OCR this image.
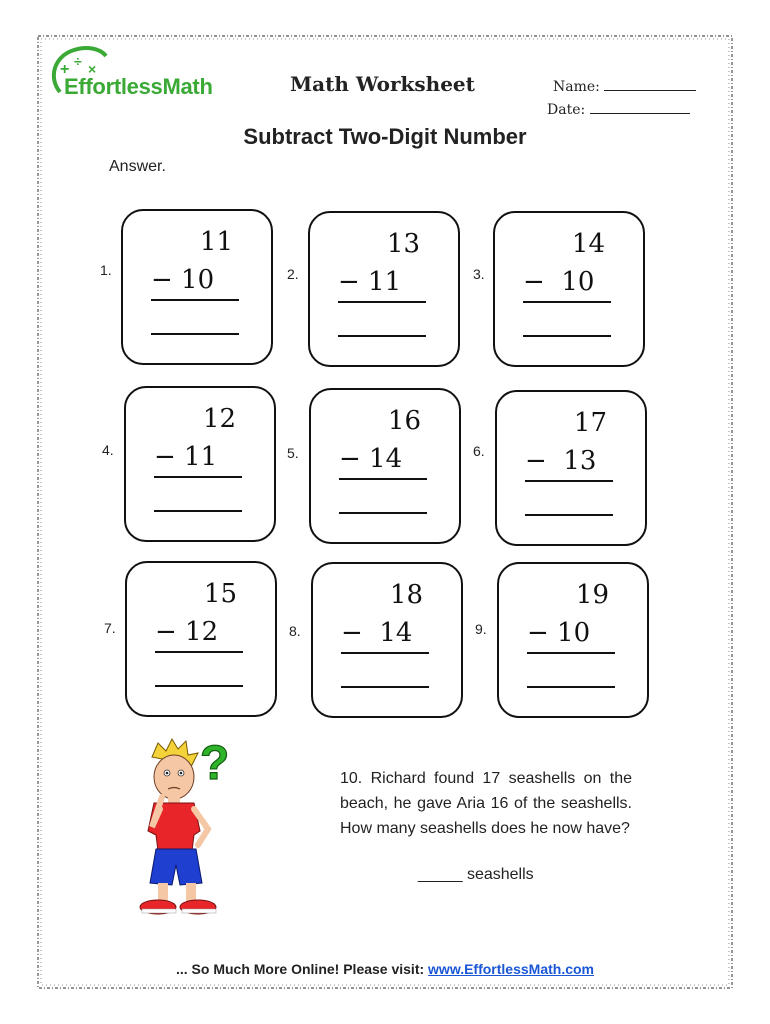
+ ÷ ×
EffortlessMath	Math Worksheet	Name:
Date:
Subtract Two-Digit Number
Answer.
1.
11
− 10	2.
13
− 11	3.
14
−  10
4.
12
− 11	5.
16
− 14	6.
17
−  13
7.
15
− 12	8.
18
−  14	9.
19
− 10
?	10. Richard found 17 seashells on the beach, he gave Aria 16 of the seashells. How many seashells does he now have?
_____ seashells
... So Much More Online! Please visit: www.EffortlessMath.com
